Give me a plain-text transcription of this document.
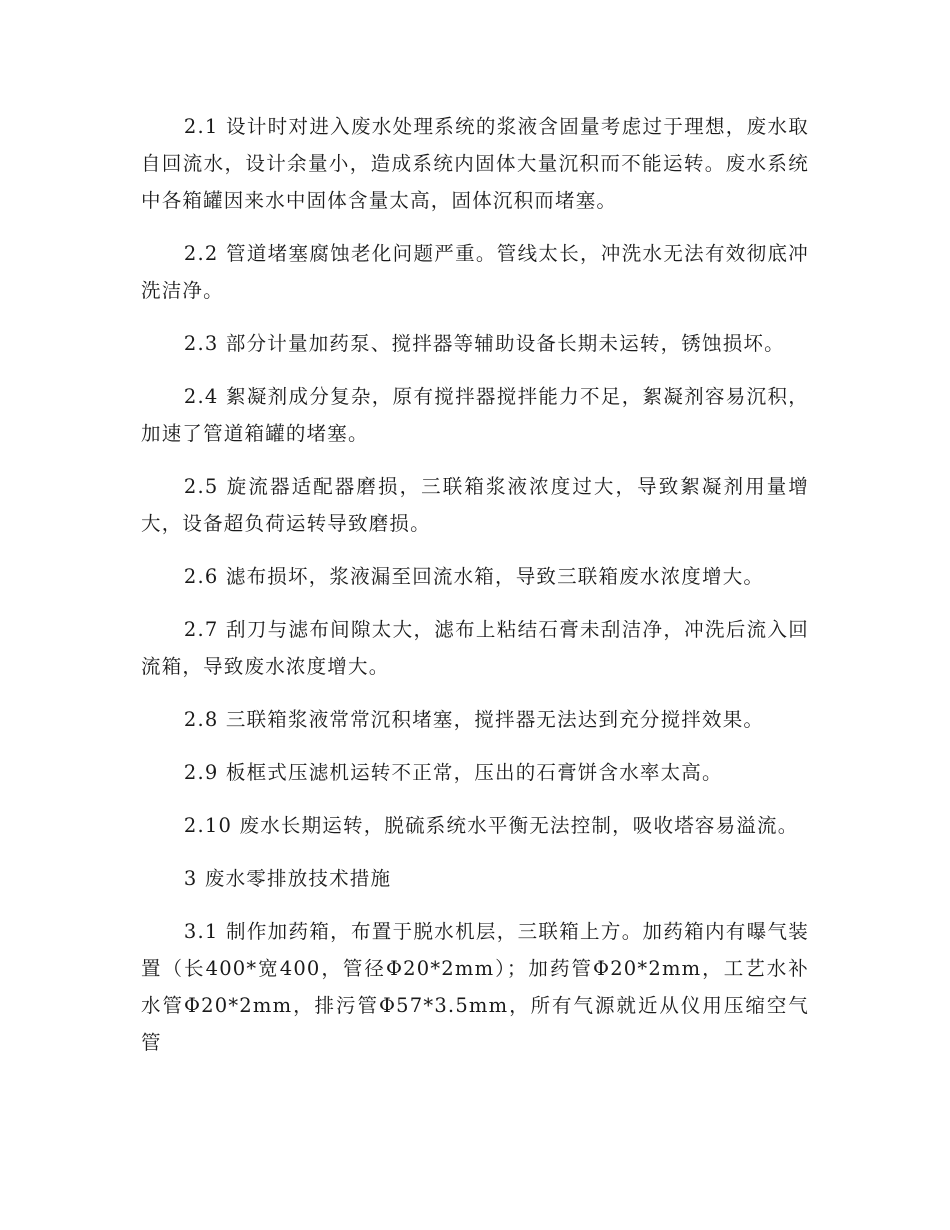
2.1 设计时对进入废水处理系统的浆液含固量考虑过于理想，废水取自回流水，设计余量小，造成系统内固体大量沉积而不能运转。废水系统中各箱罐因来水中固体含量太高，固体沉积而堵塞。

2.2 管道堵塞腐蚀老化问题严重。管线太长，冲洗水无法有效彻底冲洗洁净。

2.3 部分计量加药泵、搅拌器等辅助设备长期未运转，锈蚀损坏。

2.4 絮凝剂成分复杂，原有搅拌器搅拌能力不足，絮凝剂容易沉积，加速了管道箱罐的堵塞。

2.5 旋流器适配器磨损，三联箱浆液浓度过大，导致絮凝剂用量增大，设备超负荷运转导致磨损。

2.6 滤布损坏，浆液漏至回流水箱，导致三联箱废水浓度增大。

2.7 刮刀与滤布间隙太大，滤布上粘结石膏未刮洁净，冲洗后流入回流箱，导致废水浓度增大。

2.8 三联箱浆液常常沉积堵塞，搅拌器无法达到充分搅拌效果。

2.9 板框式压滤机运转不正常，压出的石膏饼含水率太高。

2.10 废水长期运转，脱硫系统水平衡无法控制，吸收塔容易溢流。

3 废水零排放技术措施

3.1 制作加药箱，布置于脱水机层，三联箱上方。加药箱内有曝气装置（长400*宽400，管径Φ20*2mm）；加药管Φ20*2mm，工艺水补水管Φ20*2mm，排污管Φ57*3.5mm，所有气源就近从仪用压缩空气管
